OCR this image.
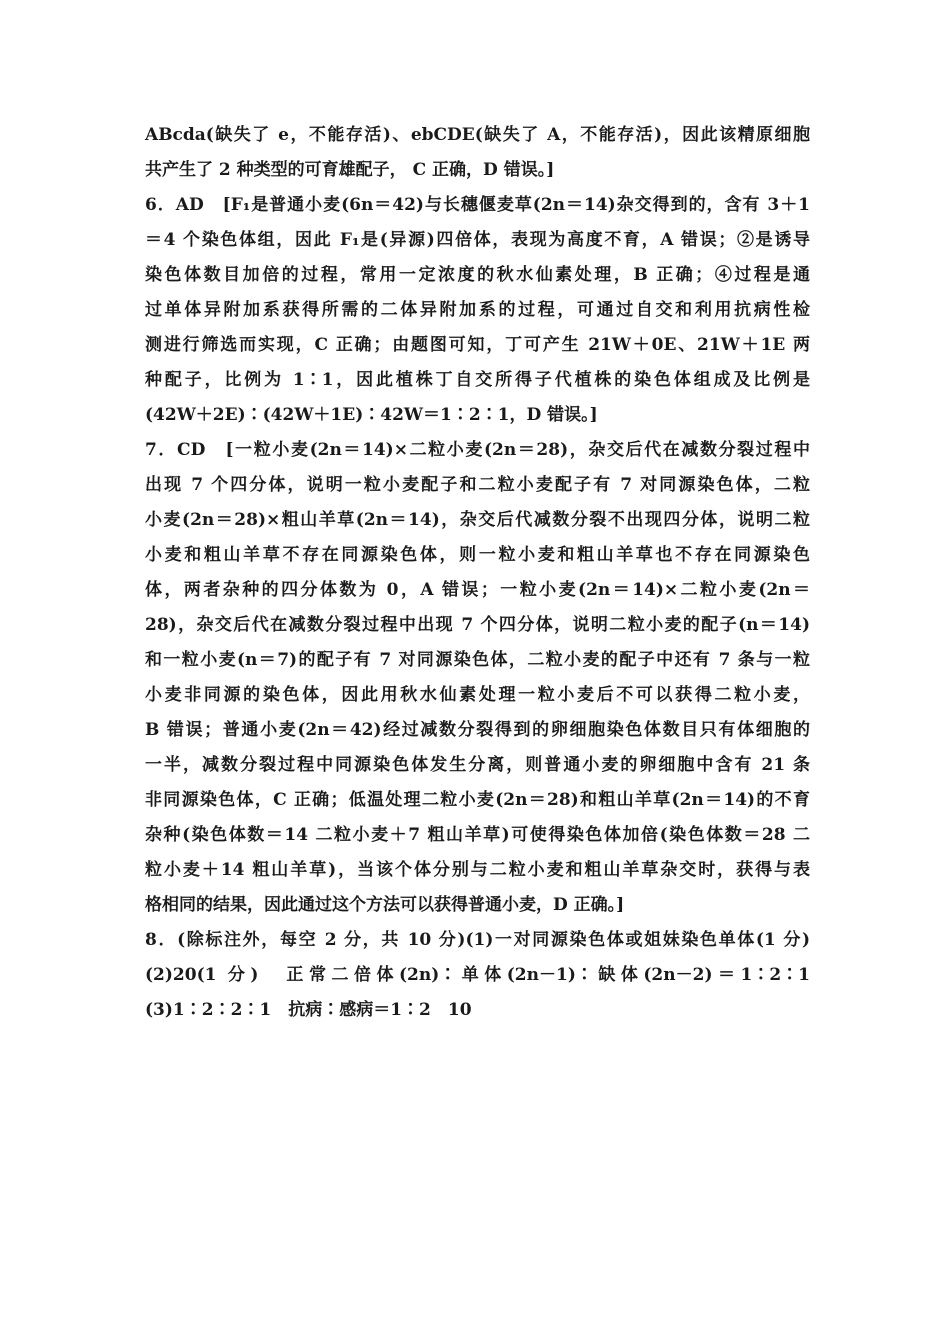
ABcda(缺失了 e，不能存活)、ebCDE(缺失了 A，不能存活)，因此该精原细胞
共产生了 2 种类型的可育雄配子， C 正确，D 错误。]
6．AD　[F₁是普通小麦(6n＝42)与长穗偃麦草(2n＝14)杂交得到的，含有 3＋1
＝4 个染色体组，因此 F₁是(异源)四倍体，表现为高度不育，A 错误；②是诱导
染色体数目加倍的过程，常用一定浓度的秋水仙素处理，B 正确；④过程是通
过单体异附加系获得所需的二体异附加系的过程，可通过自交和利用抗病性检
测进行筛选而实现，C 正确；由题图可知，丁可产生 21W＋0E、21W＋1E 两
种配子，比例为 1∶1，因此植株丁自交所得子代植株的染色体组成及比例是
(42W＋2E)∶(42W＋1E)∶42W＝1∶2∶1，D 错误。]
7．CD　[一粒小麦(2n＝14)×二粒小麦(2n＝28)，杂交后代在减数分裂过程中
出现 7 个四分体，说明一粒小麦配子和二粒小麦配子有 7 对同源染色体，二粒
小麦(2n＝28)×粗山羊草(2n＝14)，杂交后代减数分裂不出现四分体，说明二粒
小麦和粗山羊草不存在同源染色体，则一粒小麦和粗山羊草也不存在同源染色
体，两者杂种的四分体数为 0，A 错误；一粒小麦(2n＝14)×二粒小麦(2n＝
28)，杂交后代在减数分裂过程中出现 7 个四分体，说明二粒小麦的配子(n＝14)
和一粒小麦(n＝7)的配子有 7 对同源染色体，二粒小麦的配子中还有 7 条与一粒
小麦非同源的染色体，因此用秋水仙素处理一粒小麦后不可以获得二粒小麦，
B 错误；普通小麦(2n＝42)经过减数分裂得到的卵细胞染色体数目只有体细胞的
一半，减数分裂过程中同源染色体发生分离，则普通小麦的卵细胞中含有 21 条
非同源染色体，C 正确；低温处理二粒小麦(2n＝28)和粗山羊草(2n＝14)的不育
杂种(染色体数＝14 二粒小麦＋7 粗山羊草)可使得染色体加倍(染色体数＝28 二
粒小麦＋14 粗山羊草)，当该个体分别与二粒小麦和粗山羊草杂交时，获得与表
格相同的结果，因此通过这个方法可以获得普通小麦，D 正确。]
8．(除标注外，每空 2 分，共 10 分)(1)一对同源染色体或姐妹染色单体(1 分)
(2)20(1 分)　正常二倍体(2n)∶单体(2n－1)∶缺体(2n－2)＝1∶2∶1
(3)1∶2∶2∶1　抗病∶感病＝1∶2　10
